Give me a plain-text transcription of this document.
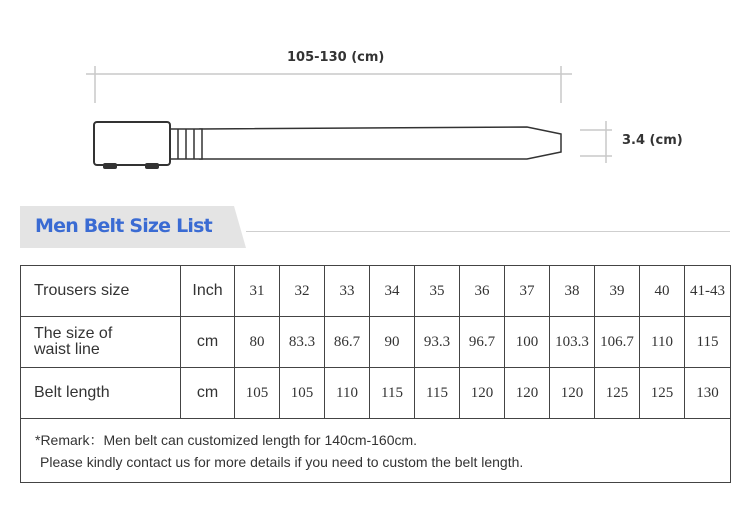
105-130 (cm)
3.4 (cm)
Men Belt Size List
Trousers size	Inch	31	32	33	34	35	36	37	38	39	40	41-43

The size of
waist line	cm	80	83.3	86.7	90	93.3	96.7	100	103.3	106.7	110	115
Belt length	cm	105	105	110	115	115	120	120	120	125	125	130

*Remark：Men belt can customized length for 140cm-160cm.
Please kindly contact us for more details if you need to custom the belt length.												
